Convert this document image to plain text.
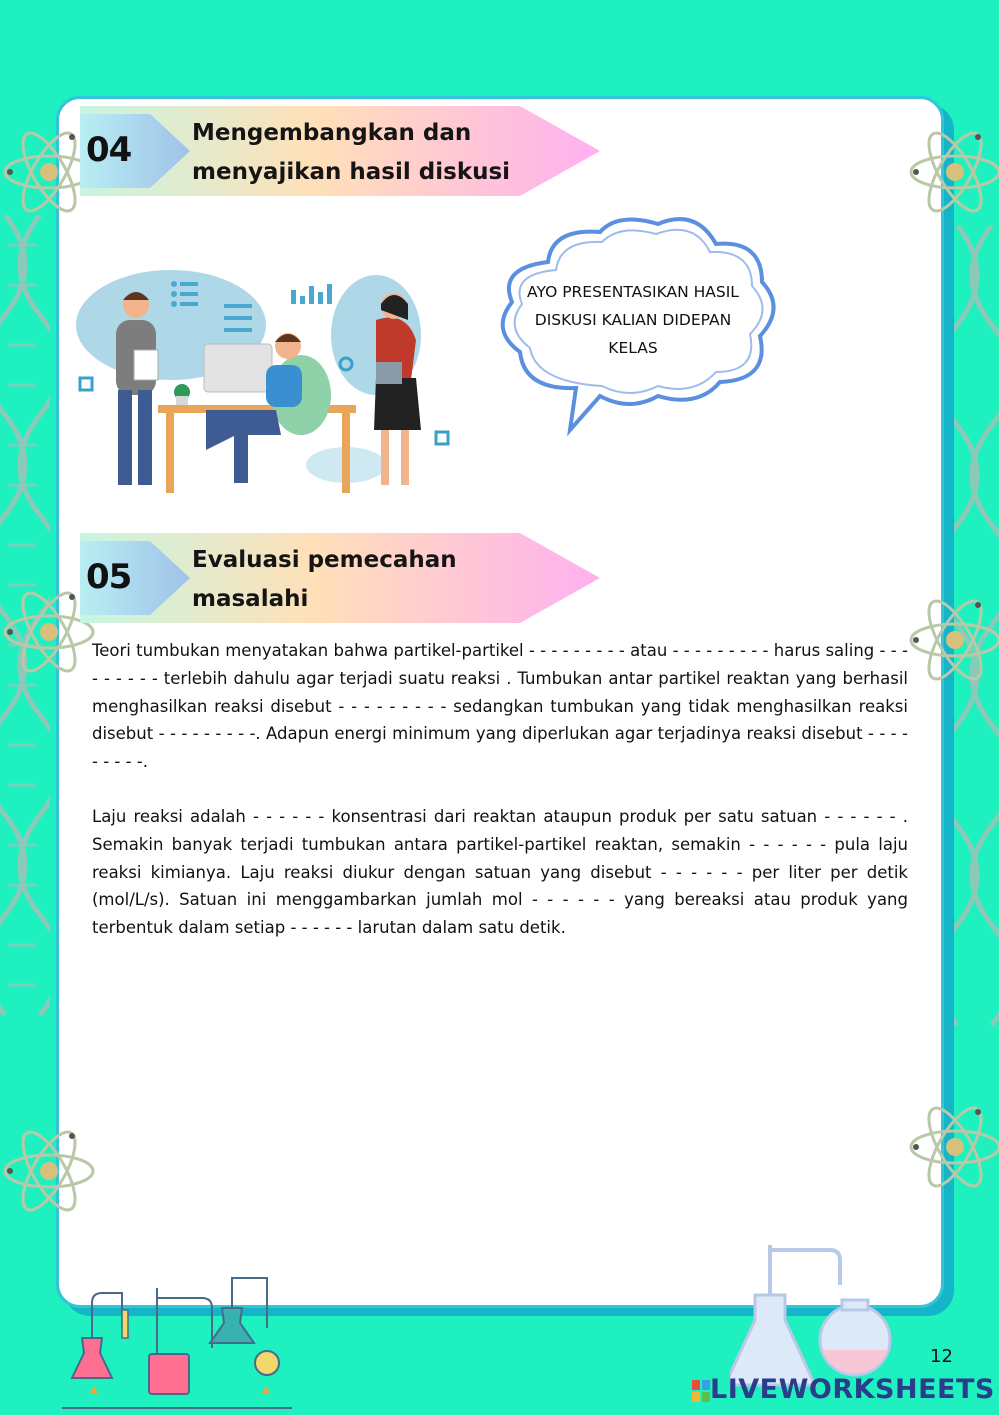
04	Mengembangkan dan menyajikan hasil diskusi
AYO PRESENTASIKAN HASIL DISKUSI KALIAN DIDEPAN KELAS
05	Evaluasi pemecahan masalahi
Teori tumbukan menyatakan bahwa partikel-partikel - - - - - - - - - atau - - - - - - - - - harus saling - - - - - - - - - terlebih dahulu agar terjadi suatu reaksi . Tumbukan antar partikel reaktan yang berhasil menghasilkan reaksi disebut - - - - - - - - - sedangkan tumbukan yang tidak menghasilkan reaksi disebut - - - - - - - - -. Adapun energi minimum yang diperlukan agar terjadinya reaksi disebut - - - - - - - - -.
Laju reaksi adalah - - - - - - konsentrasi dari reaktan ataupun produk per satu satuan - - - - - - . Semakin banyak terjadi tumbukan antara partikel-partikel reaktan, semakin - - - - - - pula laju reaksi kimianya. Laju reaksi diukur dengan satuan yang disebut - - - - - - per liter per detik (mol/L/s). Satuan ini menggambarkan jumlah mol - - - - - - yang bereaksi atau produk yang terbentuk dalam setiap - - - - - - larutan dalam satu detik.
12
LIVEWORKSHEETS
